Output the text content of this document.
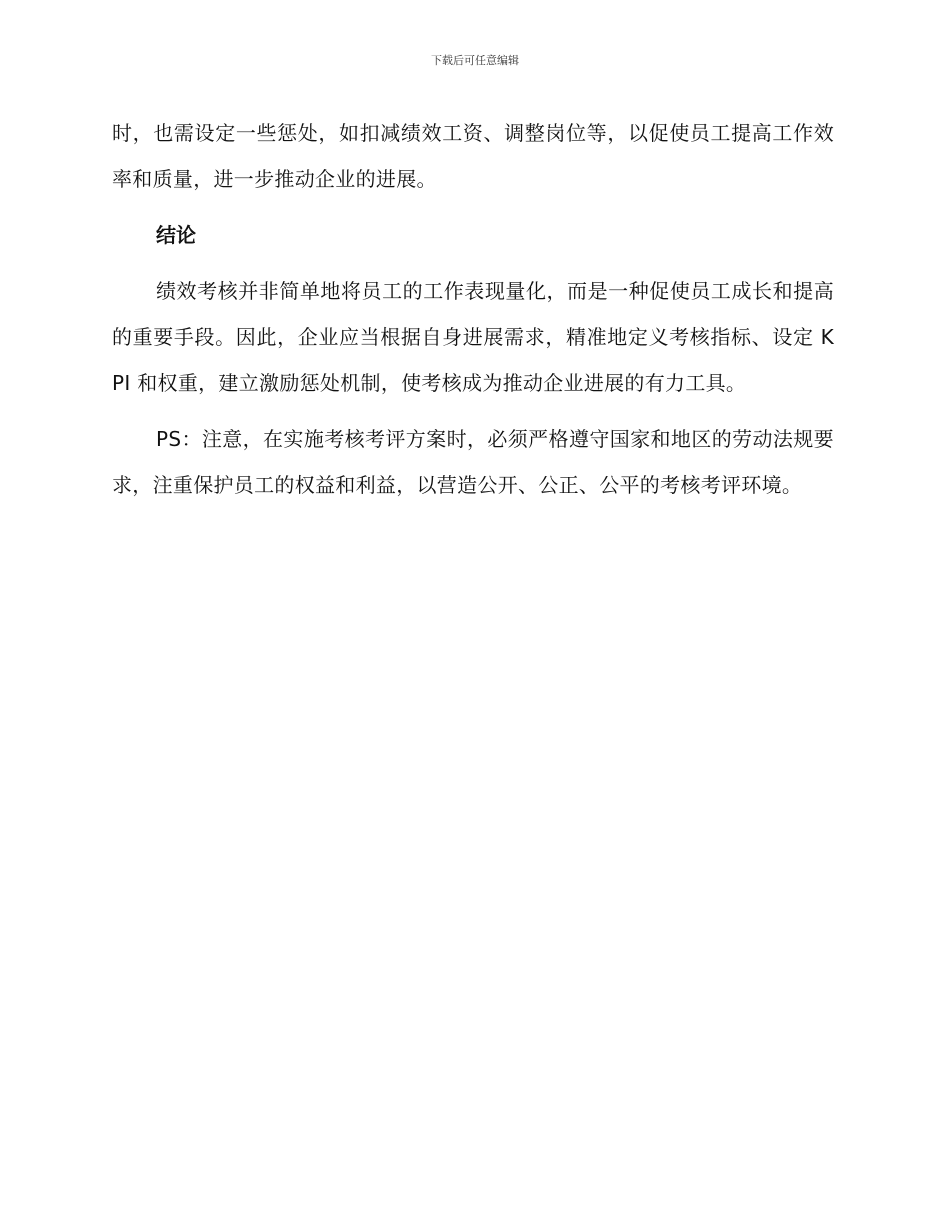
下载后可任意编辑

时，也需设定一些惩处，如扣减绩效工资、调整岗位等，以促使员工提高工作效率和质量，进一步推动企业的进展。

结论

绩效考核并非简单地将员工的工作表现量化，而是一种促使员工成长和提高的重要手段。因此，企业应当根据自身进展需求，精准地定义考核指标、设定 KPI 和权重，建立激励惩处机制，使考核成为推动企业进展的有力工具。

PS：注意，在实施考核考评方案时，必须严格遵守国家和地区的劳动法规要求，注重保护员工的权益和利益，以营造公开、公正、公平的考核考评环境。
